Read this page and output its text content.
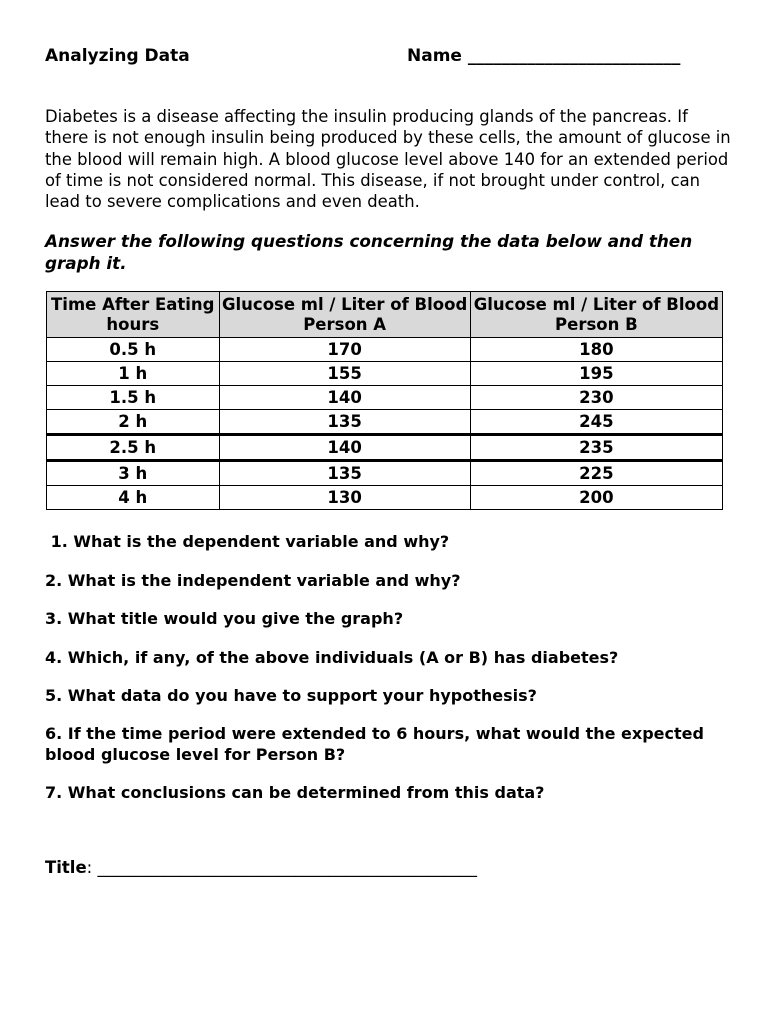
Analyzing Data	Name _________________________

Diabetes is a disease affecting the insulin producing glands of the pancreas. If there is not enough insulin being produced by these cells, the amount of glucose in the blood will remain high. A blood glucose level above 140 for an extended period of time is not considered normal. This disease, if not brought under control, can lead to severe complications and even death.

Answer the following questions concerning the data below and then graph it.

Time After Eating hours	Glucose ml / Liter of Blood Person A	Glucose ml / Liter of Blood Person B
0.5 h	170	180
1 h	155	195
1.5 h	140	230
2 h	135	245
2.5 h	140	235
3 h	135	225
4 h	130	200

1. What is the dependent variable and why?

2. What is the independent variable and why?

3. What title would you give the graph?

4. Which, if any, of the above individuals (A or B) has diabetes?

5. What data do you have to support your hypothesis?

6. If the time period were extended to 6 hours, what would the expected blood glucose level for Person B?

7. What conclusions can be determined from this data?

Title: ______________________________________________
